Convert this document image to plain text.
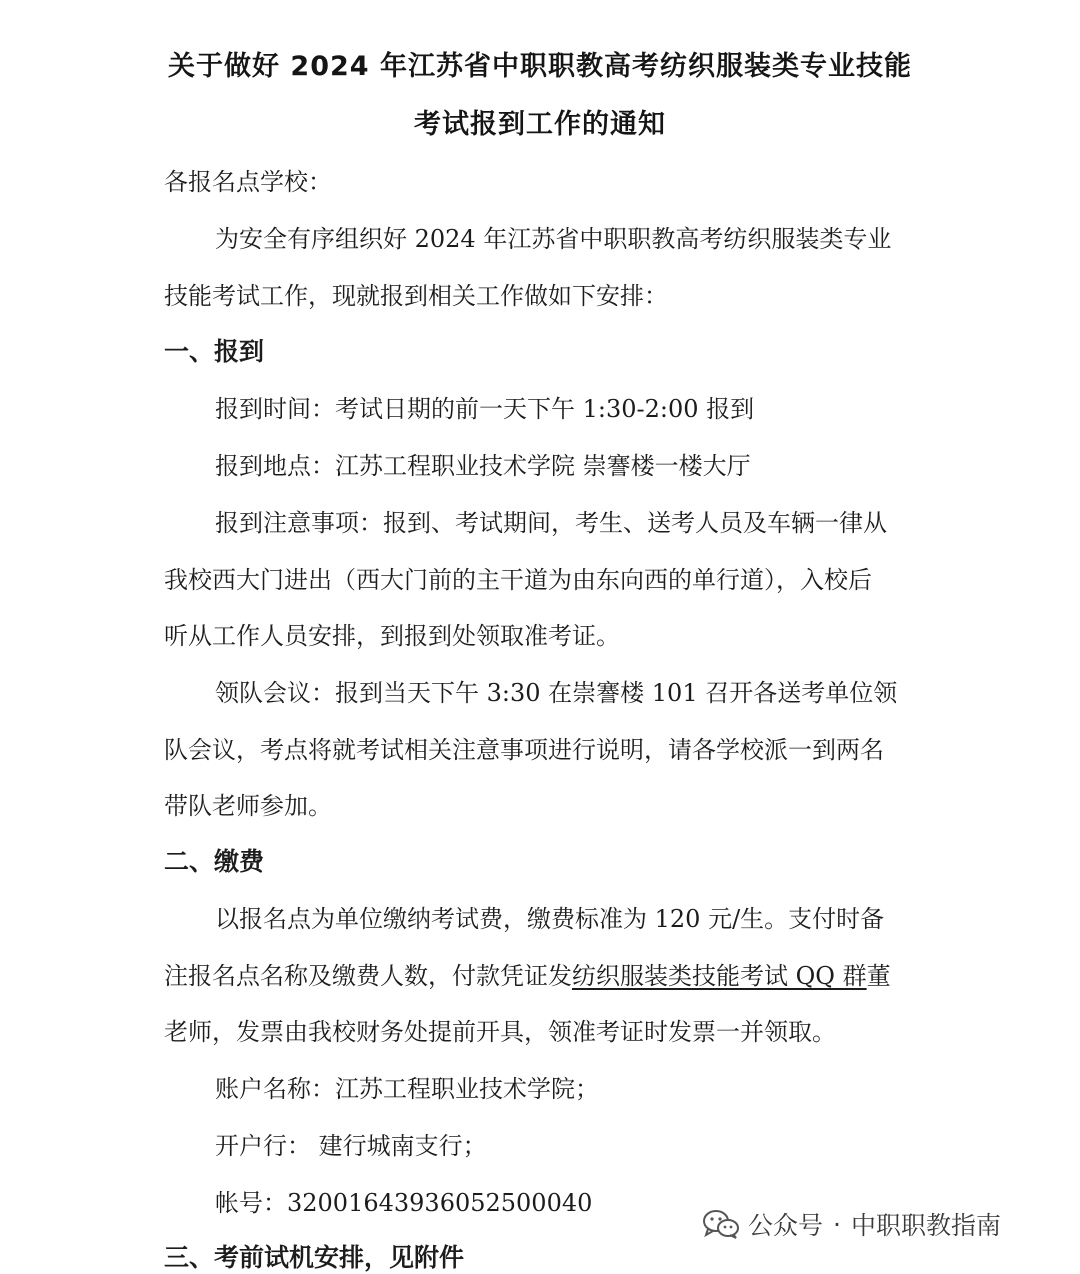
关于做好 2024 年江苏省中职职教高考纺织服装类专业技能
考试报到工作的通知
各报名点学校：
为安全有序组织好 2024 年江苏省中职职教高考纺织服装类专业
技能考试工作，现就报到相关工作做如下安排：
一、报到
报到时间：考试日期的前一天下午 1:30-2:00 报到
报到地点：江苏工程职业技术学院 崇謇楼一楼大厅
报到注意事项：报到、考试期间，考生、送考人员及车辆一律从
我校西大门进出（西大门前的主干道为由东向西的单行道），入校后
听从工作人员安排，到报到处领取准考证。
领队会议：报到当天下午 3:30 在崇謇楼 101 召开各送考单位领
队会议，考点将就考试相关注意事项进行说明，请各学校派一到两名
带队老师参加。
二、缴费
以报名点为单位缴纳考试费，缴费标准为 120 元/生。支付时备
注报名点名称及缴费人数，付款凭证发纺织服装类技能考试 QQ 群董
老师，发票由我校财务处提前开具，领准考证时发票一并领取。
账户名称：江苏工程职业技术学院；
开户行： 建行城南支行；
帐号：32001643936052500040
三、考前试机安排，见附件
公众号 · 中职职教指南
